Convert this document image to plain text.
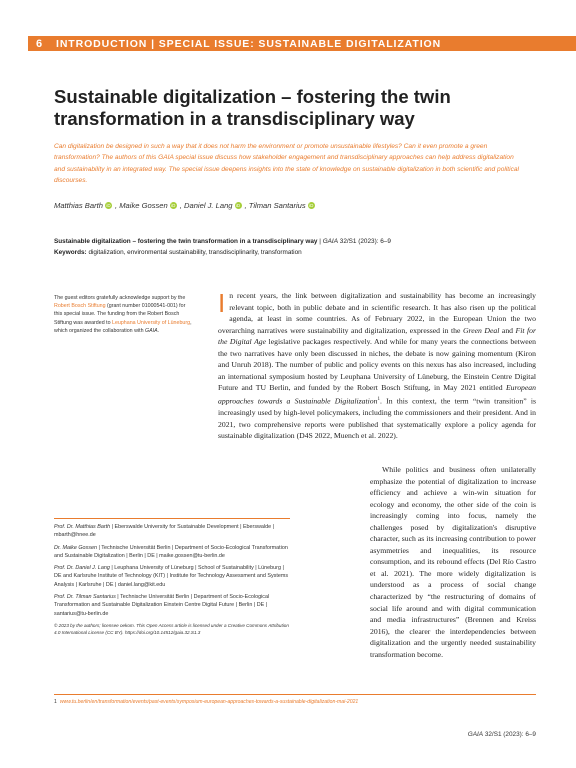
6	INTRODUCTION | SPECIAL ISSUE: SUSTAINABLE DIGITALIZATION
Sustainable digitalization – fostering the twin transformation in a transdisciplinary way

Can digitalization be designed in such a way that it does not harm the environment or promote unsustainable lifestyles? Can it even promote a green transformation? The authors of this GAIA special issue discuss how stakeholder engagement and transdisciplinary approaches can help address digitalization and sustainability in an integrated way. The special issue deepens insights into the state of knowledge on sustainable digitalization in both scientific and political discourses.

Matthias Barth iD , Maike Gossen iD , Daniel J. Lang iD , Tilman Santarius iD
Sustainable digitalization – fostering the twin transformation in a transdisciplinary way | GAIA 32/S1 (2023): 6–9
Keywords: digitalization, environmental sustainability, transdisciplinarity, transformation
The guest editors gratefully acknowledge support by the Robert Bosch Stiftung (grant number 01000541-001) for this special issue. The funding from the Robert Bosch Stiftung was awarded to Leuphana University of Lüneburg, which organized the collaboration with GAIA.

In recent years, the link between digitalization and sustainability has become an increasingly relevant topic, both in public debate and in scientific research. It has also risen up the political agenda, at least in some countries. As of February 2022, in the European Union the two overarching narratives were sustainability and digitalization, expressed in the Green Deal and Fit for the Digital Age legislative packages respectively. And while for many years the connections between the two narratives have only been discussed in niches, the debate is now gaining momentum (Kiron and Unruh 2018). The number of public and policy events on this nexus has also increased, including an international symposium hosted by Leuphana University of Lüneburg, the Einstein Centre Digital Future and TU Berlin, and funded by the Robert Bosch Stiftung, in May 2021 entitled European approaches towards a Sustainable Digitalization$^1$. In this context, the term “twin transition” is increasingly used by high-level policymakers, including the commissioners and their president. And in 2021, two comprehensive reports were published that systematically explore a policy agenda for sustainable digitalization (D4S 2022, Muench et al. 2022).

While politics and business often unilaterally emphasize the potential of digitalization to increase efficiency and achieve a win-win situation for ecology and economy, the other side of the coin is increasingly coming into focus, namely the challenges posed by digitalization's disruptive character, such as its increasing contribution to power asymmetries and inequalities, its resource consumption, and its rebound effects (Del Río Castro et al. 2021). The more widely digitalization is understood as a process of social change characterized by “the restructuring of domains of social life around and with digital communication and media infrastructures” (Brennen and Kreiss 2016), the clearer the interdependencies between digitalization and the urgently needed sustainability transformation become.

Prof. Dr. Matthias Barth | Eberswalde University for Sustainable Development | Eberswalde | mbarth@hnee.de
Dr. Maike Gossen | Technische Universität Berlin | Department of Socio-Ecological Transformation and Sustainable Digitalization | Berlin | DE | maike.gossen@tu-berlin.de
Prof. Dr. Daniel J. Lang | Leuphana University of Lüneburg | School of Sustainability | Lüneburg | DE and Karlsruhe Institute of Technology (KIT) | Institute for Technology Assessment and Systems Analysis | Karlsruhe | DE | daniel.lang@kit.edu
Prof. Dr. Tilman Santarius | Technische Universität Berlin | Department of Socio-Ecological Transformation and Sustainable Digitalization Einstein Centre Digital Future | Berlin | DE | santarius@tu-berlin.de
© 2023 by the authors; licensee oekom. This Open Access article is licensed under a Creative Commons Attribution 4.0 International License (CC BY). https://doi.org/10.14512/gaia.32.S1.3
1 www.tu.berlin/en/transformation/events/past-events/symposium-european-approaches-towards-a-sustainable-digitalization-mai-2021
GAIA 32/S1 (2023): 6–9
